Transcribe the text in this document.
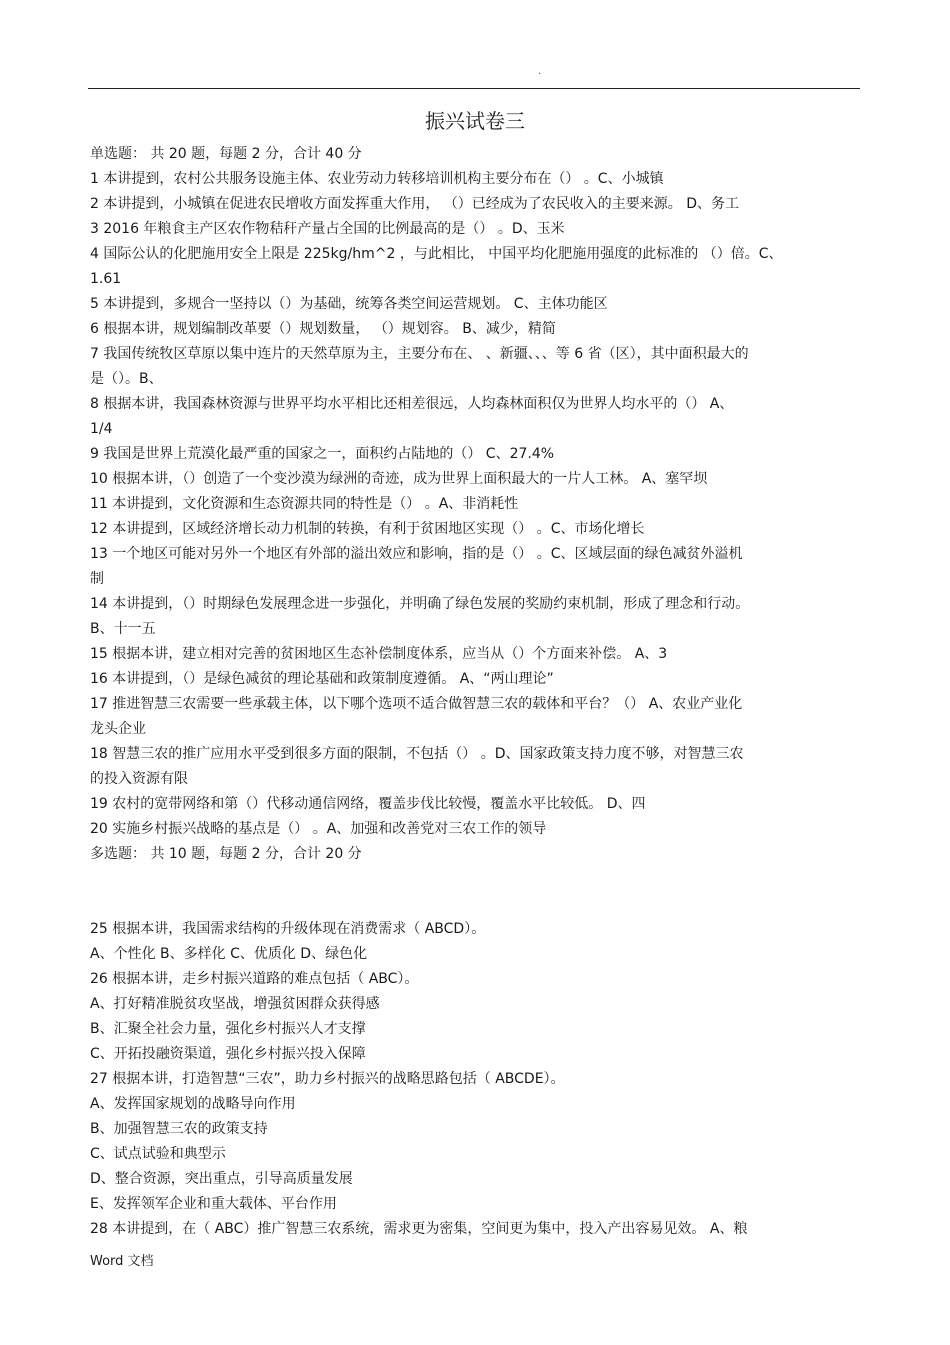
.
振兴试卷三
单选题： 共 20 题，每题 2 分，合计 40 分
1 本讲提到，农村公共服务设施主体、农业劳动力转移培训机构主要分布在（） 。C、小城镇
2 本讲提到，小城镇在促进农民增收方面发挥重大作用， （）已经成为了农民收入的主要来源。 D、务工
3 2016 年粮食主产区农作物秸秆产量占全国的比例最高的是（） 。D、玉米
4 国际公认的化肥施用安全上限是 225kg/hm^2 ，与此相比， 中国平均化肥施用强度的此标准的 （）倍。C、
1.61
5 本讲提到，多规合一坚持以（）为基础，统筹各类空间运营规划。 C、主体功能区
6 根据本讲，规划编制改革要（）规划数量， （）规划容。 B、减少，精简
7 我国传统牧区草原以集中连片的天然草原为主，主要分布在、 、新疆、、、等 6 省（区），其中面积最大的
是（）。B、
8 根据本讲，我国森林资源与世界平均水平相比还相差很远，人均森林面积仅为世界人均水平的（） A、
1/4
9 我国是世界上荒漠化最严重的国家之一，面积约占陆地的（） C、27.4%
10 根据本讲，（）创造了一个变沙漠为绿洲的奇迹，成为世界上面积最大的一片人工林。 A、塞罕坝
11 本讲提到，文化资源和生态资源共同的特性是（） 。A、非消耗性
12 本讲提到，区域经济增长动力机制的转换，有利于贫困地区实现（） 。C、市场化增长
13 一个地区可能对另外一个地区有外部的溢出效应和影响，指的是（） 。C、区域层面的绿色减贫外溢机
制
14 本讲提到，（）时期绿色发展理念进一步强化，并明确了绿色发展的奖励约束机制，形成了理念和行动。
B、十一五
15 根据本讲，建立相对完善的贫困地区生态补偿制度体系，应当从（）个方面来补偿。 A、3
16 本讲提到，（）是绿色减贫的理论基础和政策制度遵循。 A、“两山理论”
17 推进智慧三农需要一些承载主体，以下哪个选项不适合做智慧三农的载体和平台？（） A、农业产业化
龙头企业
18 智慧三农的推广应用水平受到很多方面的限制，不包括（） 。D、国家政策支持力度不够，对智慧三农
的投入资源有限
19 农村的宽带网络和第（）代移动通信网络，覆盖步伐比较慢，覆盖水平比较低。 D、四
20 实施乡村振兴战略的基点是（） 。A、加强和改善党对三农工作的领导
多选题： 共 10 题，每题 2 分，合计 20 分
25 根据本讲，我国需求结构的升级体现在消费需求（ ABCD）。
A、个性化 B、多样化 C、优质化 D、绿色化
26 根据本讲，走乡村振兴道路的难点包括（ ABC）。
A、打好精准脱贫攻坚战，增强贫困群众获得感
B、汇聚全社会力量，强化乡村振兴人才支撑
C、开拓投融资渠道，强化乡村振兴投入保障
27 根据本讲，打造智慧“三农”，助力乡村振兴的战略思路包括（ ABCDE）。
A、发挥国家规划的战略导向作用
B、加强智慧三农的政策支持
C、试点试验和典型示
D、整合资源，突出重点，引导高质量发展
E、发挥领军企业和重大载体、平台作用
28 本讲提到，在（ ABC）推广智慧三农系统，需求更为密集，空间更为集中，投入产出容易见效。 A、粮
Word 文档
